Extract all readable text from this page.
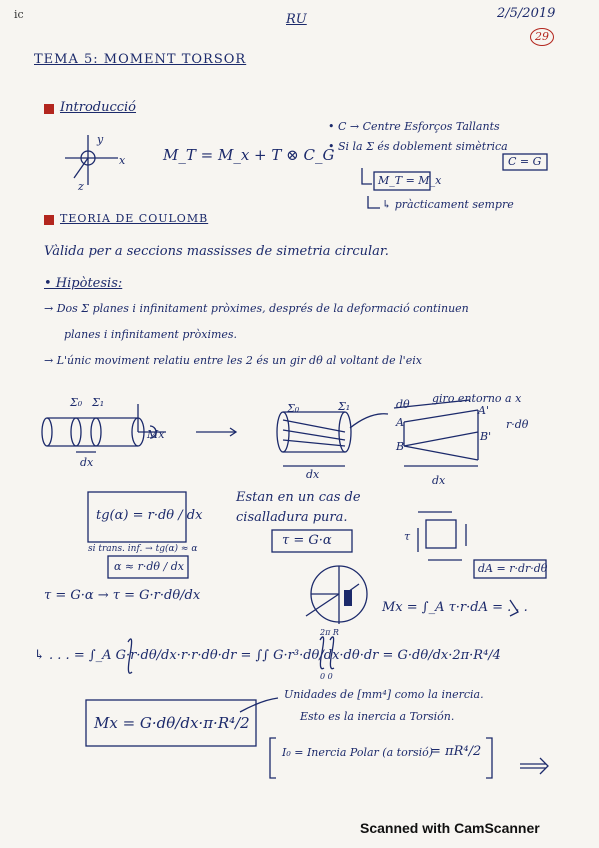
ic	RU	2/5/2019
29
TEMA 5: MOMENT TORSOR
Introducció
y
x
z
M_T = M_x + T ⊗ C_G
• C → Centre Esforços Tallants
• Si la Σ és doblement simètrica
C = G
M_T = M_x
↳ pràcticament sempre
TEORIA DE COULOMB
Vàlida per a seccions massisses de simetria circular.
• Hipòtesis:
→ Dos Σ planes i infinitament pròximes, després de la deformació continuen
planes i infinitament pròximes.
→ L'únic moviment relatiu entre les 2 és un gir dθ al voltant de l'eix
Σ₀ Σ₁
Mx
dx
Σ₀	Σ₁	dθ giro entorno a x
r·dθ
dx	dx
A
B
A'
B'
tg(α) = r·dθ / dx
si trans. inf. → tg(α) ≈ α
α ≈ r·dθ / dx
Estan en un cas de
cisalladura pura.
τ = G·α
τ = G·α → τ = G·r·dθ/dx
τ
dA = r·dr·dθ
Mx = ∫_A τ·r·dA = . . .
↳ . . . = ∫_A G·r·dθ/dx·r·r·dθ·dr = ∫∫ G·r³·dθ/dx·dθ·dr = G·dθ/dx·2π·R⁴/4
2π R
0 0
Mx = G·dθ/dx·π·R⁴/2
Unidades de [mm⁴] como la inercia.
Esto es la inercia a Torsión.
I₀ = Inercia Polar (a torsió)
= πR⁴/2
Scanned with CamScanner
